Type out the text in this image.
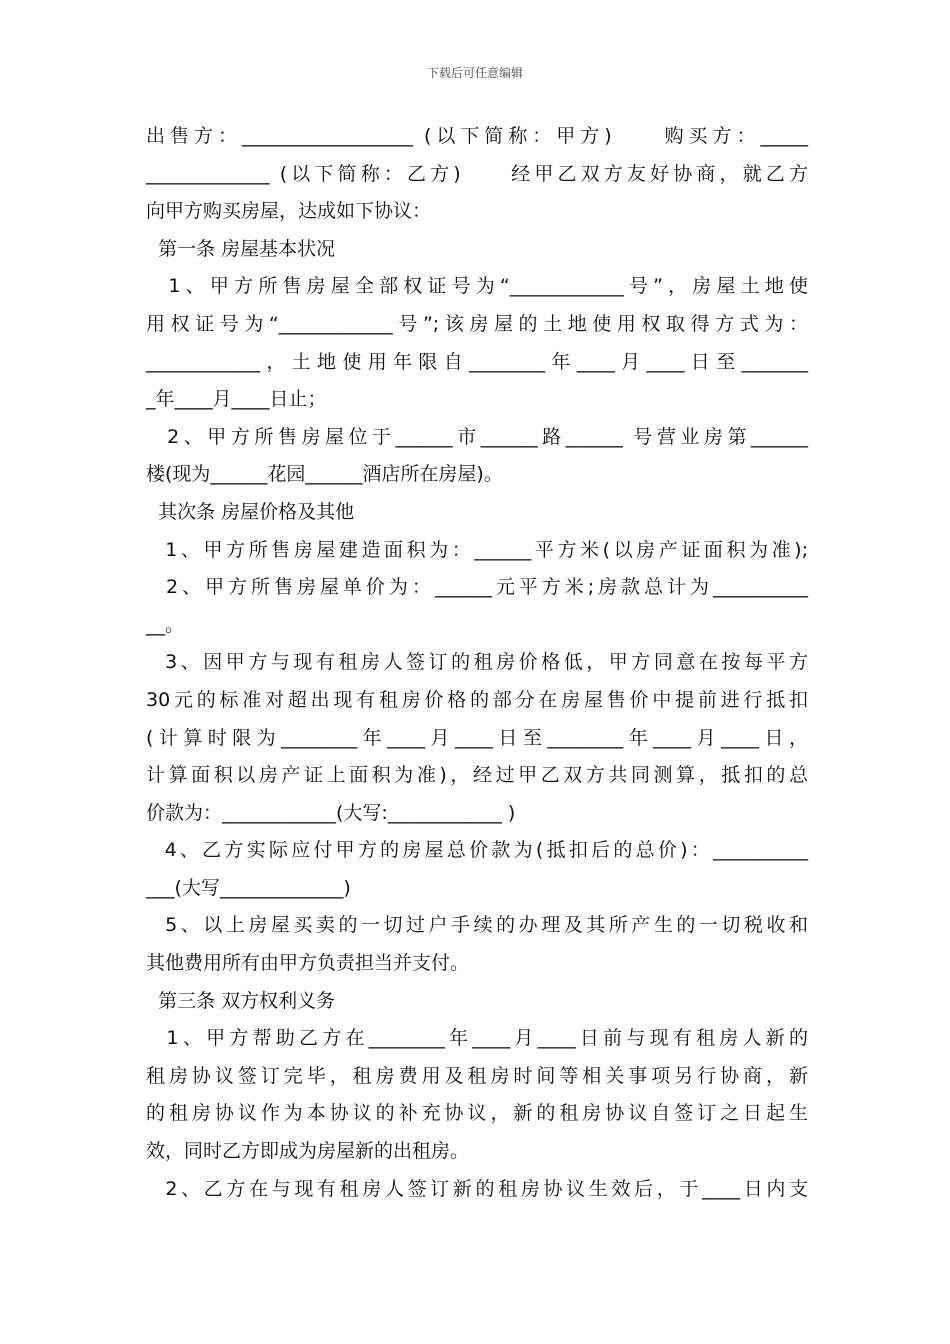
下载后可任意编辑
出售方：__________________ (以下简称：甲方)　　购买方：_____
_____________ (以下简称：乙方)　　经甲乙双方友好协商，就乙方
向甲方购买房屋，达成如下协议：
第一条 房屋基本状况
1、甲方所售房屋全部权证号为“____________号”，房屋土地使
用权证号为“____________号”;该房屋的土地使用权取得方式为：
____________，土地使用年限自________年____月____日至_______
_年____月____日止；
2、甲方所售房屋位于______市______路______ 号营业房第______
楼(现为______花园______酒店所在房屋)。
其次条 房屋价格及其他
1、甲方所售房屋建造面积为：______平方米(以房产证面积为准);
2、甲方所售房屋单价为：______元平方米;房款总计为__________
__。
3、因甲方与现有租房人签订的租房价格低，甲方同意在按每平方
30元的标准对超出现有租房价格的部分在房屋售价中提前进行抵扣
(计算时限为________年____月____日至________年____月____日，
计算面积以房产证上面积为准)，经过甲乙双方共同测算，抵扣的总
价款为：____________(大写:____________ )
4、乙方实际应付甲方的房屋总价款为(抵扣后的总价)：__________
___(大写_____________)
5、以上房屋买卖的一切过户手续的办理及其所产生的一切税收和
其他费用所有由甲方负责担当并支付。
第三条 双方权利义务
1、甲方帮助乙方在________年____月____日前与现有租房人新的
租房协议签订完毕，租房费用及租房时间等相关事项另行协商，新
的租房协议作为本协议的补充协议，新的租房协议自签订之日起生
效，同时乙方即成为房屋新的出租房。
2、乙方在与现有租房人签订新的租房协议生效后，于____日内支
